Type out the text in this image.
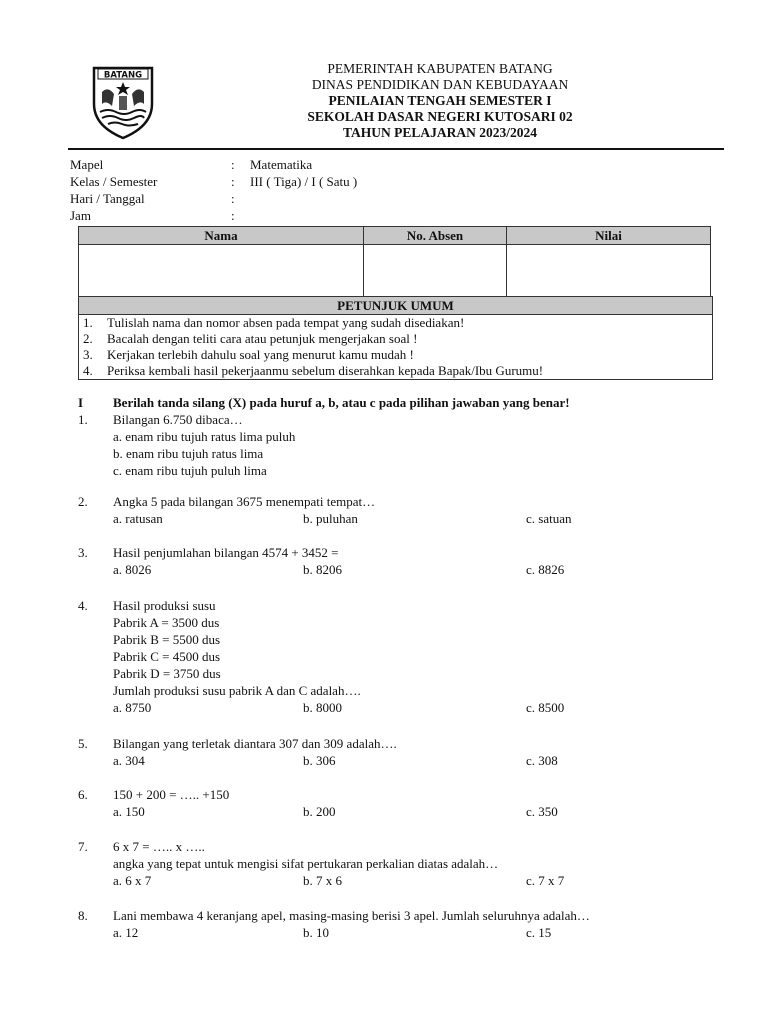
BATANG	PEMERINTAH KABUPATEN BATANG
DINAS PENDIDIKAN DAN KEBUDAYAAN
PENILAIAN TENGAH SEMESTER I
SEKOLAH DASAR NEGERI KUTOSARI 02
TAHUN PELAJARAN 2023/2024
Mapel	: Matematika
Kelas / Semester	: III ( Tiga) / I ( Satu )
Hari / Tanggal	:
Jam	:
Nama	No. Absen	Nilai

PETUNJUK UMUM
1. Tulislah nama dan nomor absen pada tempat yang sudah disediakan!
2. Bacalah dengan teliti cara atau petunjuk mengerjakan soal !
3. Kerjakan terlebih dahulu soal yang menurut kamu mudah !
4. Periksa kembali hasil pekerjaanmu sebelum diserahkan kepada Bapak/Ibu Gurumu!
I Berilah tanda silang (X) pada huruf a, b, atau c pada pilihan jawaban yang benar!
1. Bilangan 6.750 dibaca…
a. enam ribu tujuh ratus lima puluh
b. enam ribu tujuh ratus lima
c. enam ribu tujuh puluh lima
2. Angka 5 pada bilangan 3675 menempati tempat…
a. ratusan	b. puluhan	c. satuan
3. Hasil penjumlahan bilangan 4574 + 3452 =
a. 8026	b. 8206	c. 8826
4. Hasil produksi susu
Pabrik A = 3500 dus
Pabrik B = 5500 dus
Pabrik C = 4500 dus
Pabrik D = 3750 dus
Jumlah produksi susu pabrik A dan C adalah….
a. 8750	b. 8000	c. 8500
5. Bilangan yang terletak diantara 307 dan 309 adalah….
a. 304	b. 306	c. 308
6. 150 + 200 = ….. +150
a. 150	b. 200	c. 350
7. 6 x 7 = ….. x …..
angka yang tepat untuk mengisi sifat pertukaran perkalian diatas adalah…
a. 6 x 7	b. 7 x 6	c. 7 x 7
8. Lani membawa 4 keranjang apel, masing-masing berisi 3 apel. Jumlah seluruhnya adalah…
a. 12	b. 10	c. 15
